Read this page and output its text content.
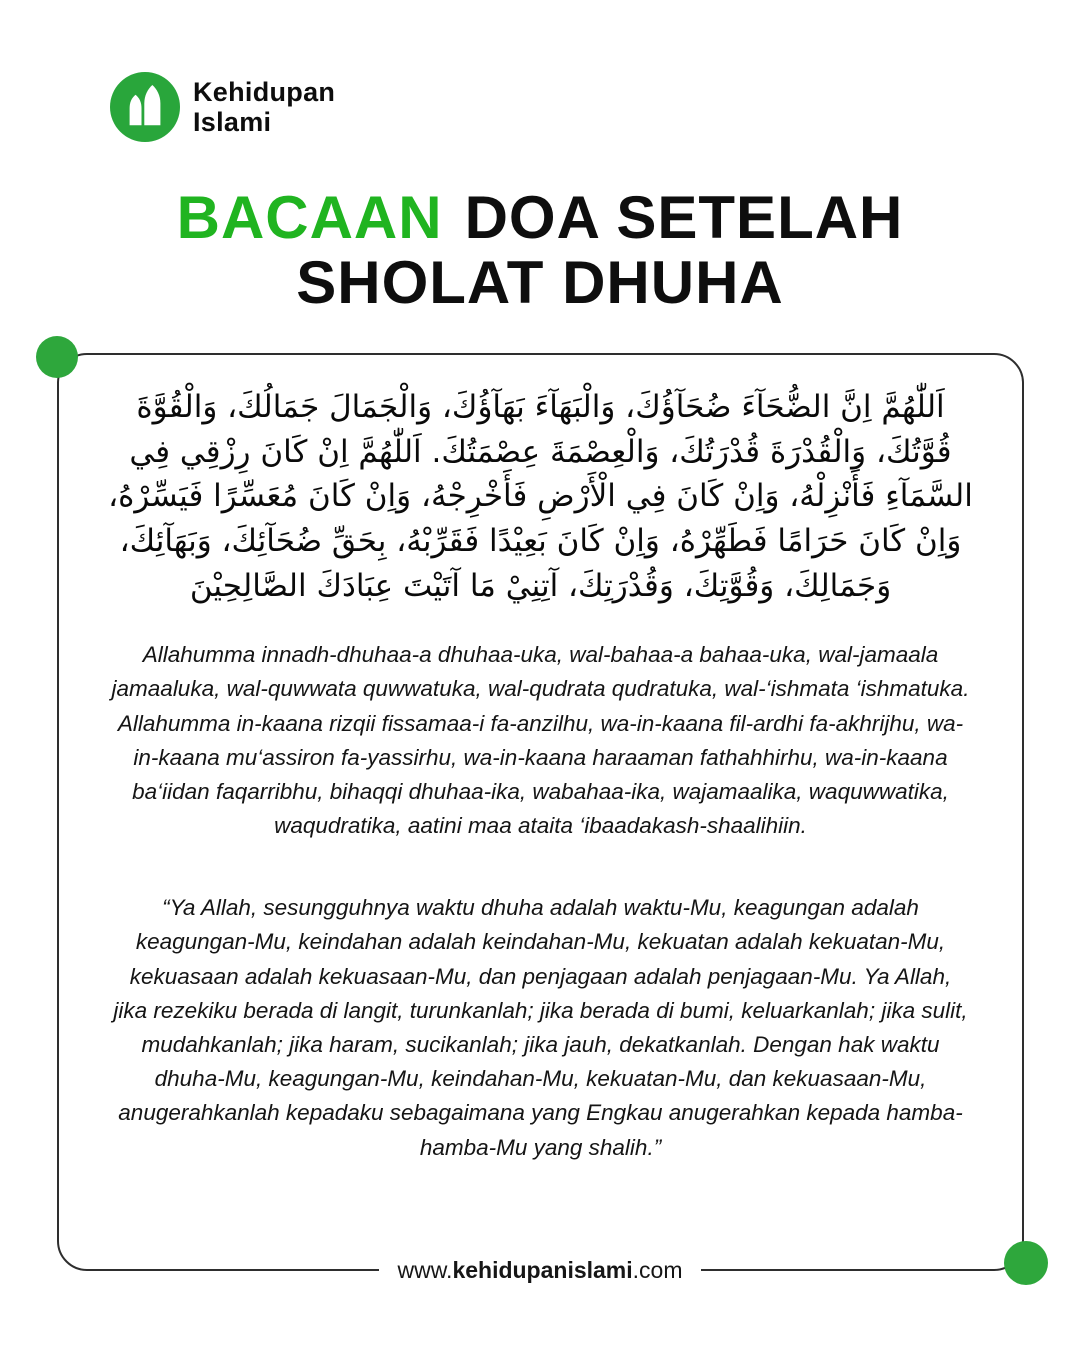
Kehidupan
Islami
BACAAN DOA SETELAH
SHOLAT DHUHA

اَللّٰهُمَّ اِنَّ الضُّحَآءَ ضُحَآؤُكَ، وَالْبَهَآءَ بَهَآؤُكَ، وَالْجَمَالَ جَمَالُكَ، وَالْقُوَّةَ قُوَّتُكَ، وَالْقُدْرَةَ قُدْرَتُكَ، وَالْعِصْمَةَ عِصْمَتُكَ. اَللّٰهُمَّ اِنْ كَانَ رِزْقِي فِي السَّمَآءِ فَأَنْزِلْهُ، وَاِنْ كَانَ فِي الْأَرْضِ فَأَخْرِجْهُ، وَاِنْ كَانَ مُعَسِّرًا فَيَسِّرْهُ، وَاِنْ كَانَ حَرَامًا فَطَهِّرْهُ، وَاِنْ كَانَ بَعِيْدًا فَقَرِّبْهُ، بِحَقِّ ضُحَآئِكَ، وَبَهَآئِكَ، وَجَمَالِكَ، وَقُوَّتِكَ، وَقُدْرَتِكَ، آتِنِيْ مَا آتَيْتَ عِبَادَكَ الصَّالِحِيْنَ

Allahumma innadh-dhuhaa-a dhuhaa-uka, wal-bahaa-a bahaa-uka, wal-jamaala jamaaluka, wal-quwwata quwwatuka, wal-qudrata qudratuka, wal-‘ishmata ‘ishmatuka. Allahumma in-kaana rizqii fissamaa-i fa-anzilhu, wa-in-kaana fil-ardhi fa-akhrijhu, wa-in-kaana mu‘assiron fa-yassirhu, wa-in-kaana haraaman fathahhirhu, wa-in-kaana ba‘iidan faqarribhu, bihaqqi dhuhaa-ika, wabahaa-ika, wajamaalika, waquwwatika, waqudratika, aatini maa ataita ‘ibaadakash-shaalihiin.

“Ya Allah, sesungguhnya waktu dhuha adalah waktu-Mu, keagungan adalah keagungan-Mu, keindahan adalah keindahan-Mu, kekuatan adalah kekuatan-Mu, kekuasaan adalah kekuasaan-Mu, dan penjagaan adalah penjagaan-Mu. Ya Allah, jika rezekiku berada di langit, turunkanlah; jika berada di bumi, keluarkanlah; jika sulit, mudahkanlah; jika haram, sucikanlah; jika jauh, dekatkanlah. Dengan hak waktu dhuha-Mu, keagungan-Mu, keindahan-Mu, kekuatan-Mu, dan kekuasaan-Mu, anugerahkanlah kepadaku sebagaimana yang Engkau anugerahkan kepada hamba-hamba-Mu yang shalih.”

www.kehidupanislami.com
